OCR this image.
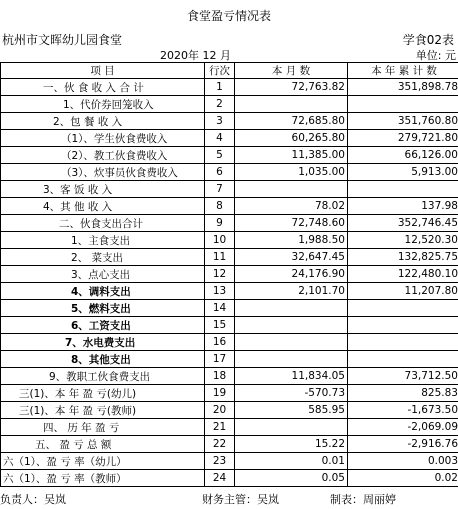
食堂盈亏情况表
杭州市文晖幼儿园食堂	学食02表
2020年 12 月	单位: 元
项 目	行次	本 月 数	本 年 累 计 数
一、伙 食 收 入 合 计	1	72,763.82	351,898.78
1、代价券回笼收入	2		
2、包 餐 收 入	3	72,685.80	351,760.80
（1）、学生伙食费收入	4	60,265.80	279,721.80
（2）、教工伙食费收入	5	11,385.00	66,126.00
（3）、炊事员伙食费收入	6	1,035.00	5,913.00
3、客 饭 收 入	7		
4、其 他 收 入	8	78.02	137.98
二、伙食支出合计	9	72,748.60	352,746.45
1、主食支出	10	1,988.50	12,520.30
2、 菜支出	11	32,647.45	132,825.75
3、点心支出	12	24,176.90	122,480.10
4、调料支出	13	2,101.70	11,207.80
5、燃料支出	14		
6、工资支出	15		
7、水电费支出	16		
8、其他支出	17		
9、教职工伙食费支出	18	11,834.05	73,712.50
三(1)、本 年 盈 亏(幼儿)	19	-570.73	825.83
三(1)、本 年 盈 亏(教师)	20	585.95	-1,673.50
四、 历 年 盈 亏	21		-2,069.09
五、 盈 亏 总 额	22	15.22	-2,916.76
六（1）、盈 亏 率（幼儿）	23	0.01	0.003
六（1）、盈 亏 率（教师）	24	0.05	0.02
负责人：吴岚	财务主管：吴岚	制表：周丽婷
